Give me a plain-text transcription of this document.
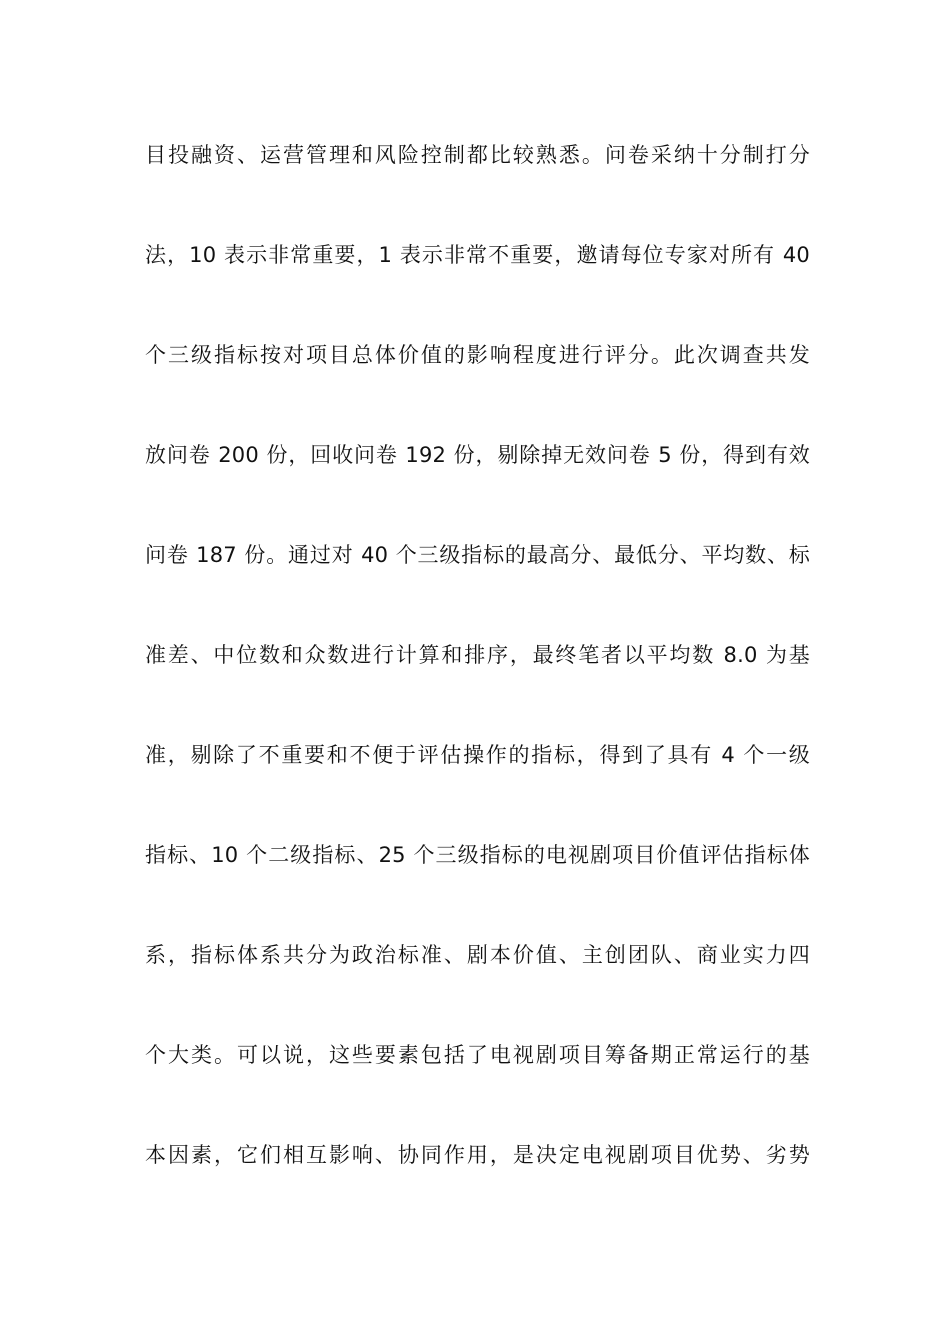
目投融资、运营管理和风险控制都比较熟悉。问卷采纳十分制打分
法，10 表示非常重要，1 表示非常不重要，邀请每位专家对所有 40
个三级指标按对项目总体价值的影响程度进行评分。此次调查共发
放问卷 200 份，回收问卷 192 份，剔除掉无效问卷 5 份，得到有效
问卷 187 份。通过对 40 个三级指标的最高分、最低分、平均数、标
准差、中位数和众数进行计算和排序，最终笔者以平均数 8.0 为基
准，剔除了不重要和不便于评估操作的指标，得到了具有 4 个一级
指标、10 个二级指标、25 个三级指标的电视剧项目价值评估指标体
系，指标体系共分为政治标准、剧本价值、主创团队、商业实力四
个大类。可以说，这些要素包括了电视剧项目筹备期正常运行的基
本因素，它们相互影响、协同作用，是决定电视剧项目优势、劣势
